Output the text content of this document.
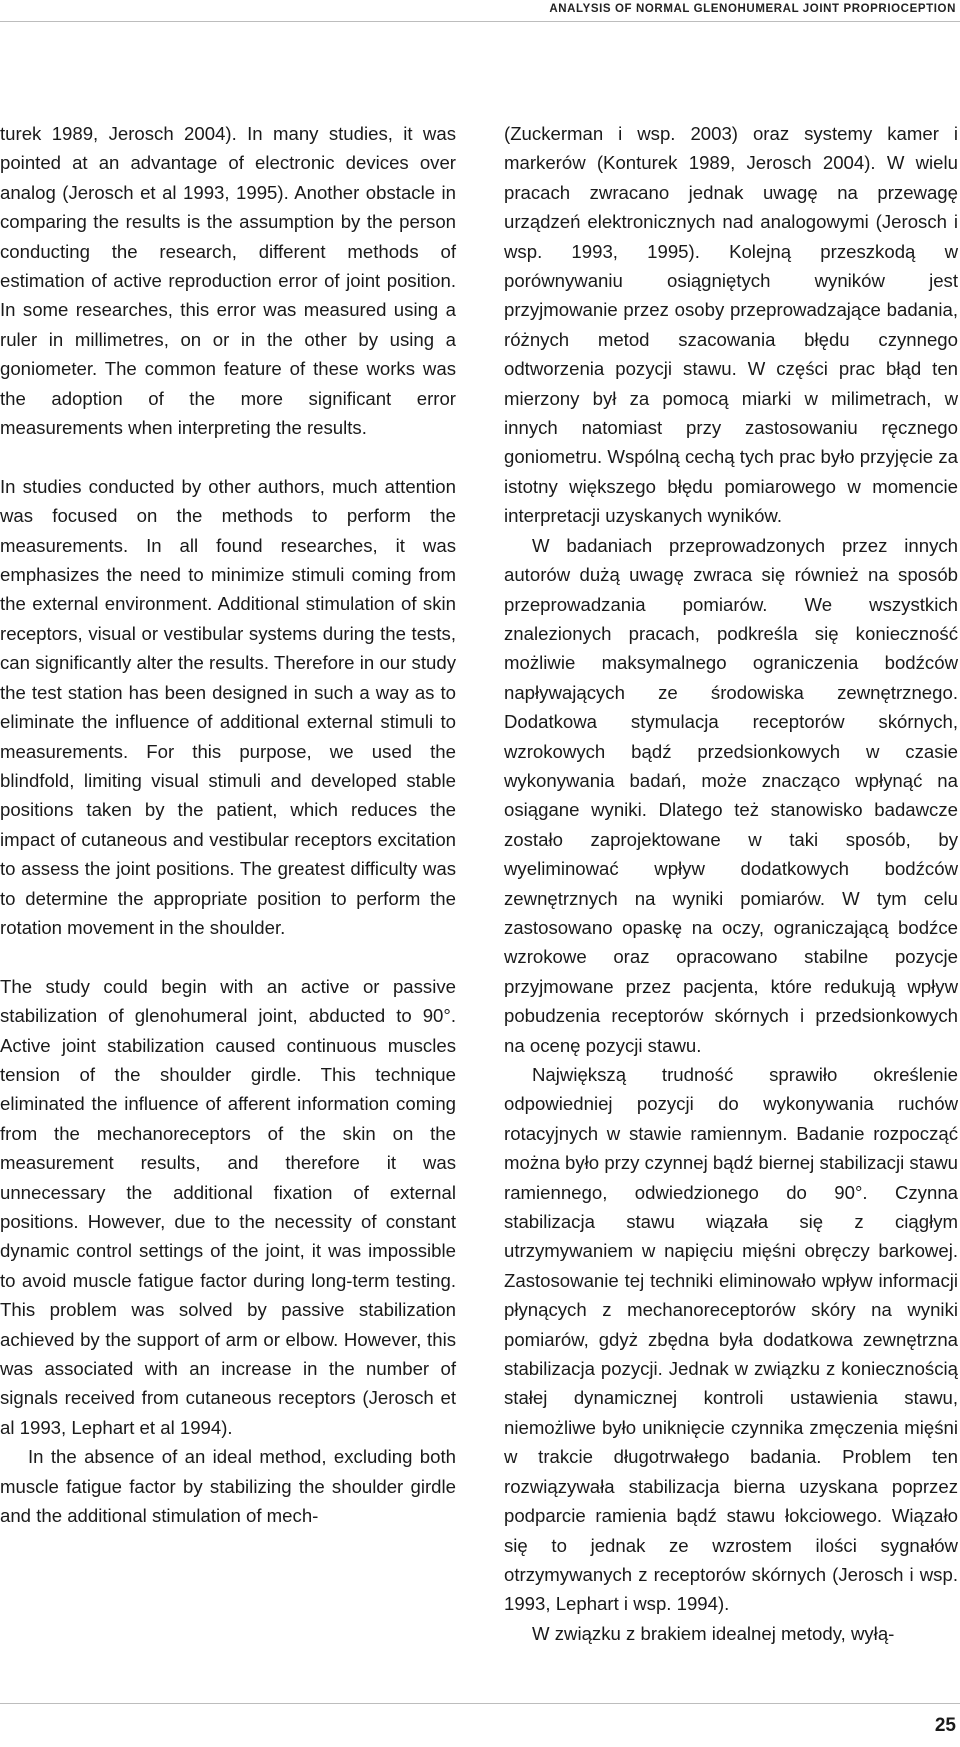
ANALYSIS OF NORMAL GLENOHUMERAL JOINT PROPRIOCEPTION

turek 1989, Jerosch 2004). In many studies, it was pointed at an advantage of electronic devices over analog (Jerosch et al 1993, 1995). Another obstacle in comparing the results is the assumption by the person conducting the research, different methods of estimation of active reproduction error of joint position. In some researches, this error was measured using a ruler in millimetres, on or in the other by using a goniometer. The common feature of these works was the adoption of the more significant error measurements when interpreting the results.

In studies conducted by other authors, much attention was focused on the methods to perform the measurements. In all found researches, it was emphasizes the need to minimize stimuli coming from the external environment. Additional stimulation of skin receptors, visual or vestibular systems during the tests, can significantly alter the results. Therefore in our study the test station has been designed in such a way as to eliminate the influence of additional external stimuli to measurements. For this purpose, we used the blindfold, limiting visual stimuli and developed stable positions taken by the patient, which reduces the impact of cutaneous and vestibular receptors excitation to assess the joint positions. The greatest difficulty was to determine the appropriate position to perform the rotation movement in the shoulder.

The study could begin with an active or passive stabilization of glenohumeral joint, abducted to 90°. Active joint stabilization caused continuous muscles tension of the shoulder girdle. This technique eliminated the influence of afferent information coming from the mechanoreceptors of the skin on the measurement results, and therefore it was unnecessary the additional fixation of external positions. However, due to the necessity of constant dynamic control settings of the joint, it was impossible to avoid muscle fatigue factor during long-term testing. This problem was solved by passive stabilization achieved by the support of arm or elbow. However, this was associated with an increase in the number of signals received from cutaneous receptors (Jerosch et al 1993, Lephart et al 1994).

In the absence of an ideal method, excluding both muscle fatigue factor by stabilizing the shoulder girdle and the additional stimulation of mech-

(Zuckerman i wsp. 2003) oraz systemy kamer i markerów (Konturek 1989, Jerosch 2004). W wielu pracach zwracano jednak uwagę na przewagę urządzeń elektronicznych nad analogowymi (Jerosch i wsp. 1993, 1995). Kolejną przeszkodą w porównywaniu osiągniętych wyników jest przyjmowanie przez osoby przeprowadzające badania, różnych metod szacowania błędu czynnego odtworzenia pozycji stawu. W części prac błąd ten mierzony był za pomocą miarki w milimetrach, w innych natomiast przy zastosowaniu ręcznego goniometru. Wspólną cechą tych prac było przyjęcie za istotny większego błędu pomiarowego w momencie interpretacji uzyskanych wyników.

W badaniach przeprowadzonych przez innych autorów dużą uwagę zwraca się również na sposób przeprowadzania pomiarów. We wszystkich znalezionych pracach, podkreśla się konieczność możliwie maksymalnego ograniczenia bodźców napływających ze środowiska zewnętrznego. Dodatkowa stymulacja receptorów skórnych, wzrokowych bądź przedsionkowych w czasie wykonywania badań, może znacząco wpłynąć na osiągane wyniki. Dlatego też stanowisko badawcze zostało zaprojektowane w taki sposób, by wyeliminować wpływ dodatkowych bodźców zewnętrznych na wyniki pomiarów. W tym celu zastosowano opaskę na oczy, ograniczającą bodźce wzrokowe oraz opracowano stabilne pozycje przyjmowane przez pacjenta, które redukują wpływ pobudzenia receptorów skórnych i przedsionkowych na ocenę pozycji stawu.

Największą trudność sprawiło określenie odpowiedniej pozycji do wykonywania ruchów rotacyjnych w stawie ramiennym. Badanie rozpocząć można było przy czynnej bądź biernej stabilizacji stawu ramiennego, odwiedzionego do 90°. Czynna stabilizacja stawu wiązała się z ciągłym utrzymywaniem w napięciu mięśni obręczy barkowej. Zastosowanie tej techniki eliminowało wpływ informacji płynących z mechanoreceptorów skóry na wyniki pomiarów, gdyż zbędna była dodatkowa zewnętrzna stabilizacja pozycji. Jednak w związku z koniecznością stałej dynamicznej kontroli ustawienia stawu, niemożliwe było uniknięcie czynnika zmęczenia mięśni w trakcie długotrwałego badania. Problem ten rozwiązywała stabilizacja bierna uzyskana poprzez podparcie ramienia bądź stawu łokciowego. Wiązało się to jednak ze wzrostem ilości sygnałów otrzymywanych z receptorów skórnych (Jerosch i wsp. 1993, Lephart i wsp. 1994).

W związku z brakiem idealnej metody, wyłą-

25
